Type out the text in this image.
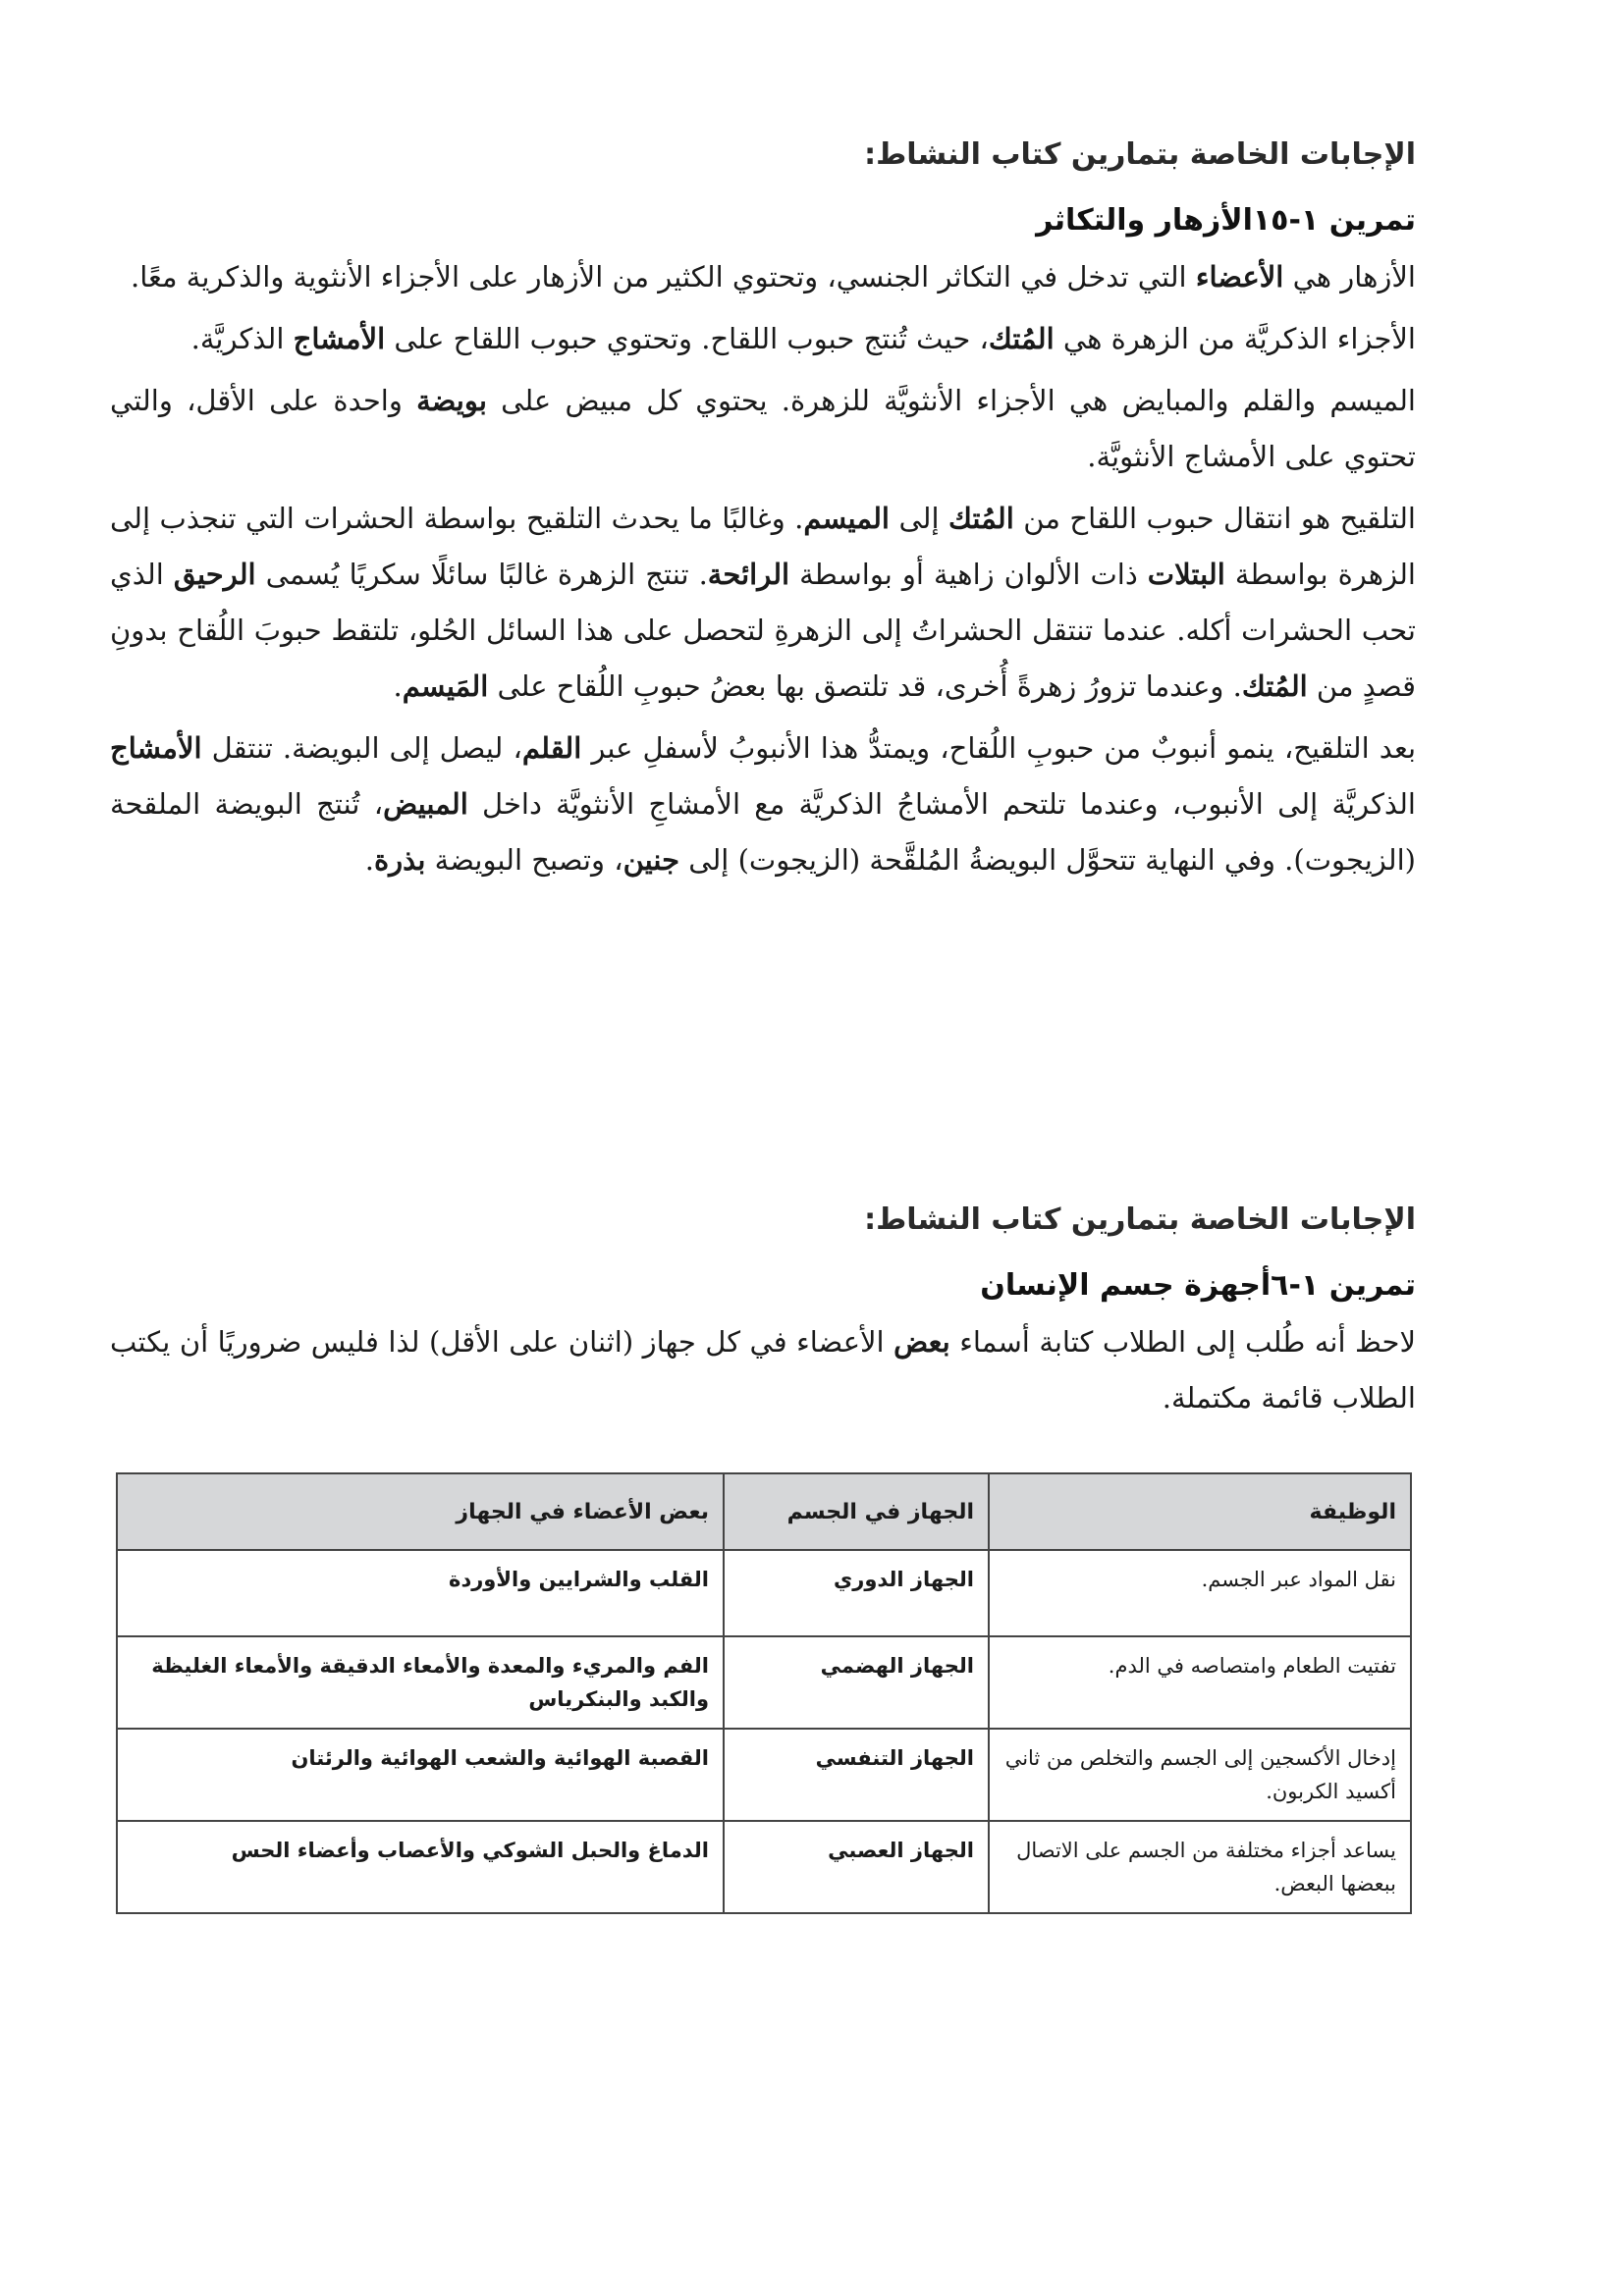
الإجابات الخاصة بتمارين كتاب النشاط:
تمرين ١-١٥الأزهار والتكاثر

الأزهار هي الأعضاء التي تدخل في التكاثر الجنسي، وتحتوي الكثير من الأزهار على الأجزاء الأنثوية والذكرية معًا.

الأجزاء الذكريَّة من الزهرة هي المُتك، حيث تُنتج حبوب اللقاح. وتحتوي حبوب اللقاح على الأمشاج الذكريَّة.

الميسم والقلم والمبايض هي الأجزاء الأنثويَّة للزهرة. يحتوي كل مبيض على بويضة واحدة على الأقل، والتي تحتوي على الأمشاج الأنثويَّة.

التلقيح هو انتقال حبوب اللقاح من المُتك إلى الميسم. وغالبًا ما يحدث التلقيح بواسطة الحشرات التي تنجذب إلى الزهرة بواسطة البتلات ذات الألوان زاهية أو بواسطة الرائحة. تنتج الزهرة غالبًا سائلًا سكريًا يُسمى الرحيق الذي تحب الحشرات أكله. عندما تنتقل الحشراتُ إلى الزهرةِ لتحصل على هذا السائل الحُلو، تلتقط حبوبَ اللُقاح بدونِ قصدٍ من المُتك. وعندما تزورُ زهرةً أُخرى، قد تلتصق بها بعضُ حبوبِ اللُقاح على المَيسم.

بعد التلقيح، ينمو أنبوبٌ من حبوبِ اللُقاح، ويمتدُّ هذا الأنبوبُ لأسفلِ عبر القلم، ليصل إلى البويضة. تنتقل الأمشاج الذكريَّة إلى الأنبوب، وعندما تلتحم الأمشاجُ الذكريَّة مع الأمشاجِ الأنثويَّة داخل المبيض، تُنتج البويضة الملقحة (الزيجوت). وفي النهاية تتحوَّل البويضةُ المُلقَّحة (الزيجوت) إلى جنين، وتصبح البويضة بذرة.

الإجابات الخاصة بتمارين كتاب النشاط:
تمرين ١-٦أجهزة جسم الإنسان

لاحظ أنه طُلب إلى الطلاب كتابة أسماء بعض الأعضاء في كل جهاز (اثنان على الأقل) لذا فليس ضروريًا أن يكتب الطلاب قائمة مكتملة.

الوظيفة	الجهاز في الجسم	بعض الأعضاء في الجهاز
نقل المواد عبر الجسم.	الجهاز الدوري	القلب والشرايين والأوردة
تفتيت الطعام وامتصاصه في الدم.	الجهاز الهضمي	الفم والمريء والمعدة والأمعاء الدقيقة والأمعاء الغليظة والكبد والبنكرياس
إدخال الأكسجين إلى الجسم والتخلص من ثاني أكسيد الكربون.	الجهاز التنفسي	القصبة الهوائية والشعب الهوائية والرئتان
يساعد أجزاء مختلفة من الجسم على الاتصال ببعضها البعض.	الجهاز العصبي	الدماغ والحبل الشوكي والأعصاب وأعضاء الحس
